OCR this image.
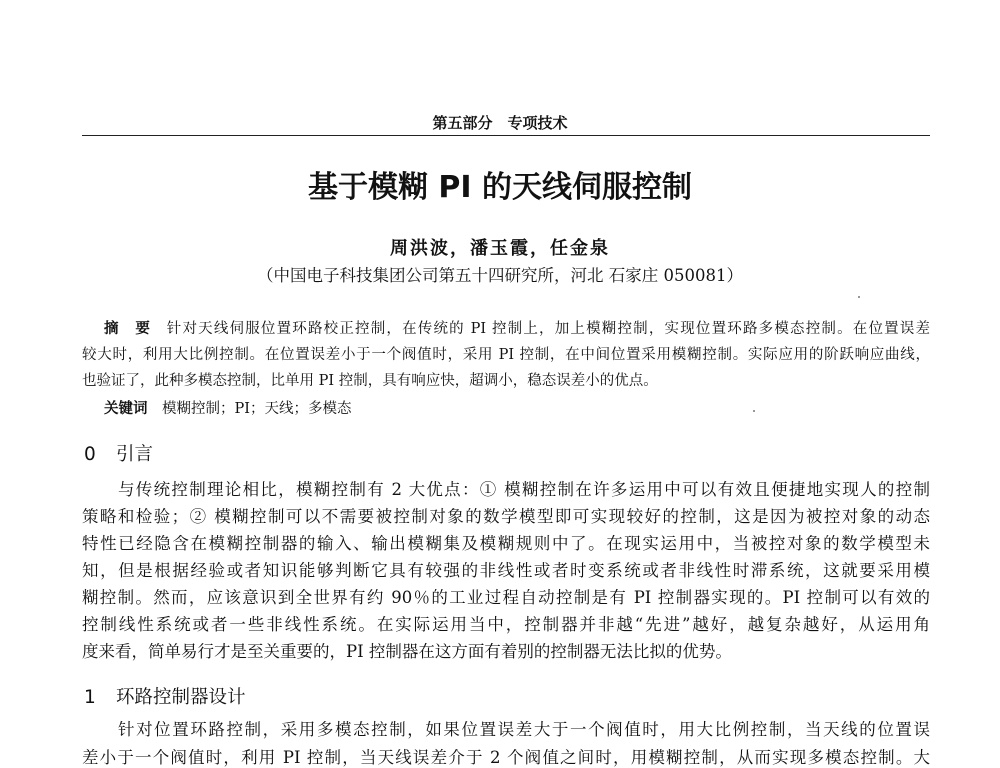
第五部分　专项技术
基于模糊 PI 的天线伺服控制
周洪波，潘玉霞，任金泉
（中国电子科技集团公司第五十四研究所，河北 石家庄 050081）
摘　要　 针对天线伺服位置环路校正控制，在传统的 PI 控制上，加上模糊控制，实现位置环路多模态控制。在位置误差
较大时，利用大比例控制。在位置误差小于一个阀值时，采用 PI 控制，在中间位置采用模糊控制。实际应用的阶跃响应曲线，
也验证了，此种多模态控制，比单用 PI 控制，具有响应快，超调小，稳态误差小的优点。
关键词　 模糊控制；PI；天线；多模态
0 引言
与传统控制理论相比，模糊控制有 2 大优点：① 模糊控制在许多运用中可以有效且便捷地实现人的控制
策略和检验；② 模糊控制可以不需要被控制对象的数学模型即可实现较好的控制，这是因为被控对象的动态
特性已经隐含在模糊控制器的输入、输出模糊集及模糊规则中了。在现实运用中，当被控对象的数学模型未
知，但是根据经验或者知识能够判断它具有较强的非线性或者时变系统或者非线性时滞系统，这就要采用模
糊控制。然而，应该意识到全世界有约 90％的工业过程自动控制是有 PI 控制器实现的。PI 控制可以有效的
控制线性系统或者一些非线性系统。在实际运用当中，控制器并非越“先进”越好，越复杂越好，从运用角
度来看，简单易行才是至关重要的，PI 控制器在这方面有着别的控制器无法比拟的优势。
1 环路控制器设计
针对位置环路控制，采用多模态控制，如果位置误差大于一个阀值时，用大比例控制，当天线的位置误
差小于一个阀值时，利用 PI 控制，当天线误差介于 2 个阀值之间时，用模糊控制，从而实现多模态控制。大
